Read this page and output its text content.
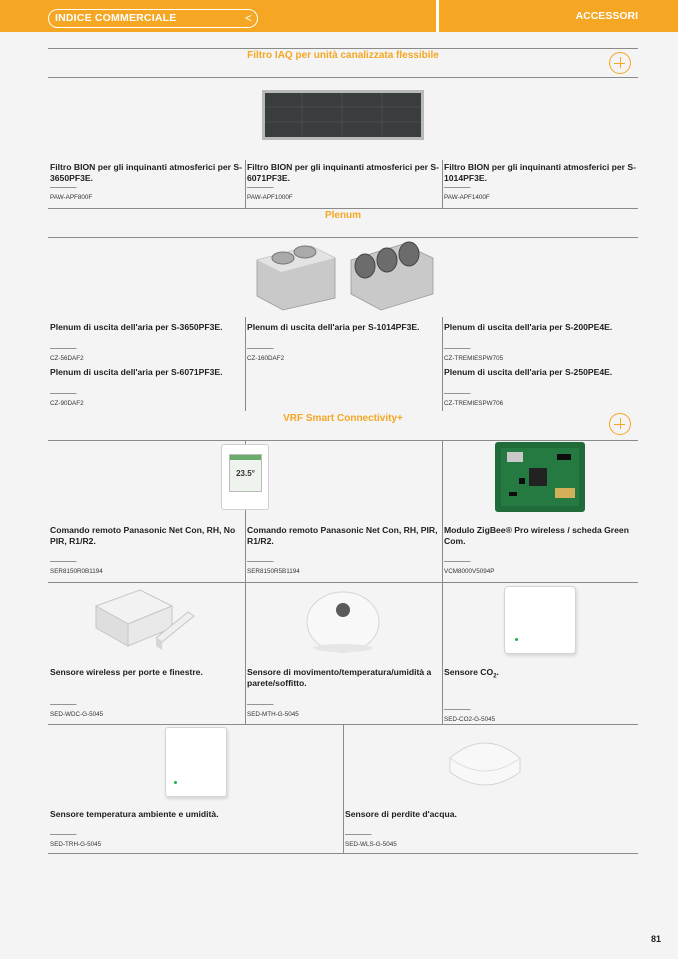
INDICE COMMERCIALE	<	ACCESSORI
Filtro IAQ per unità canalizzata flessibile
Filtro BION per gli inquinanti atmosferici per S-3650PF3E.
————
PAW-APF800F
Filtro BION per gli inquinanti atmosferici per S-6071PF3E.
————
PAW-APF1000F
Filtro BION per gli inquinanti atmosferici per S-1014PF3E.
————
PAW-APF1400F
Plenum
Plenum di uscita dell'aria per S-3650PF3E.
————
CZ-56DAF2
Plenum di uscita dell'aria per S-1014PF3E.
————
CZ-160DAF2
Plenum di uscita dell'aria per S-200PE4E.
————
CZ-TREMIESPW705
Plenum di uscita dell'aria per S-6071PF3E.
————
CZ-90DAF2
Plenum di uscita dell'aria per S-250PE4E.
————
CZ-TREMIESPW706
VRF Smart Connectivity+
23.5°
Comando remoto Panasonic Net Con, RH, No PIR, R1/R2.
————
SER8150R0B1194
Comando remoto Panasonic Net Con, RH, PIR, R1/R2.
————
SER8150R5B1194
Modulo ZigBee® Pro wireless / scheda Green Com.
————
VCM8000V5094P
Sensore wireless per porte e finestre.
————
SED-WDC-G-5045
Sensore di movimento/temperatura/umidità a parete/soffitto.
————
SED-MTH-G-5045
Sensore $CO_2$.
————
SED-CO2-G-5045
Sensore temperatura ambiente e umidità.
————
SED-TRH-G-5045
Sensore di perdite d'acqua.
————
SED-WLS-G-5045
81
